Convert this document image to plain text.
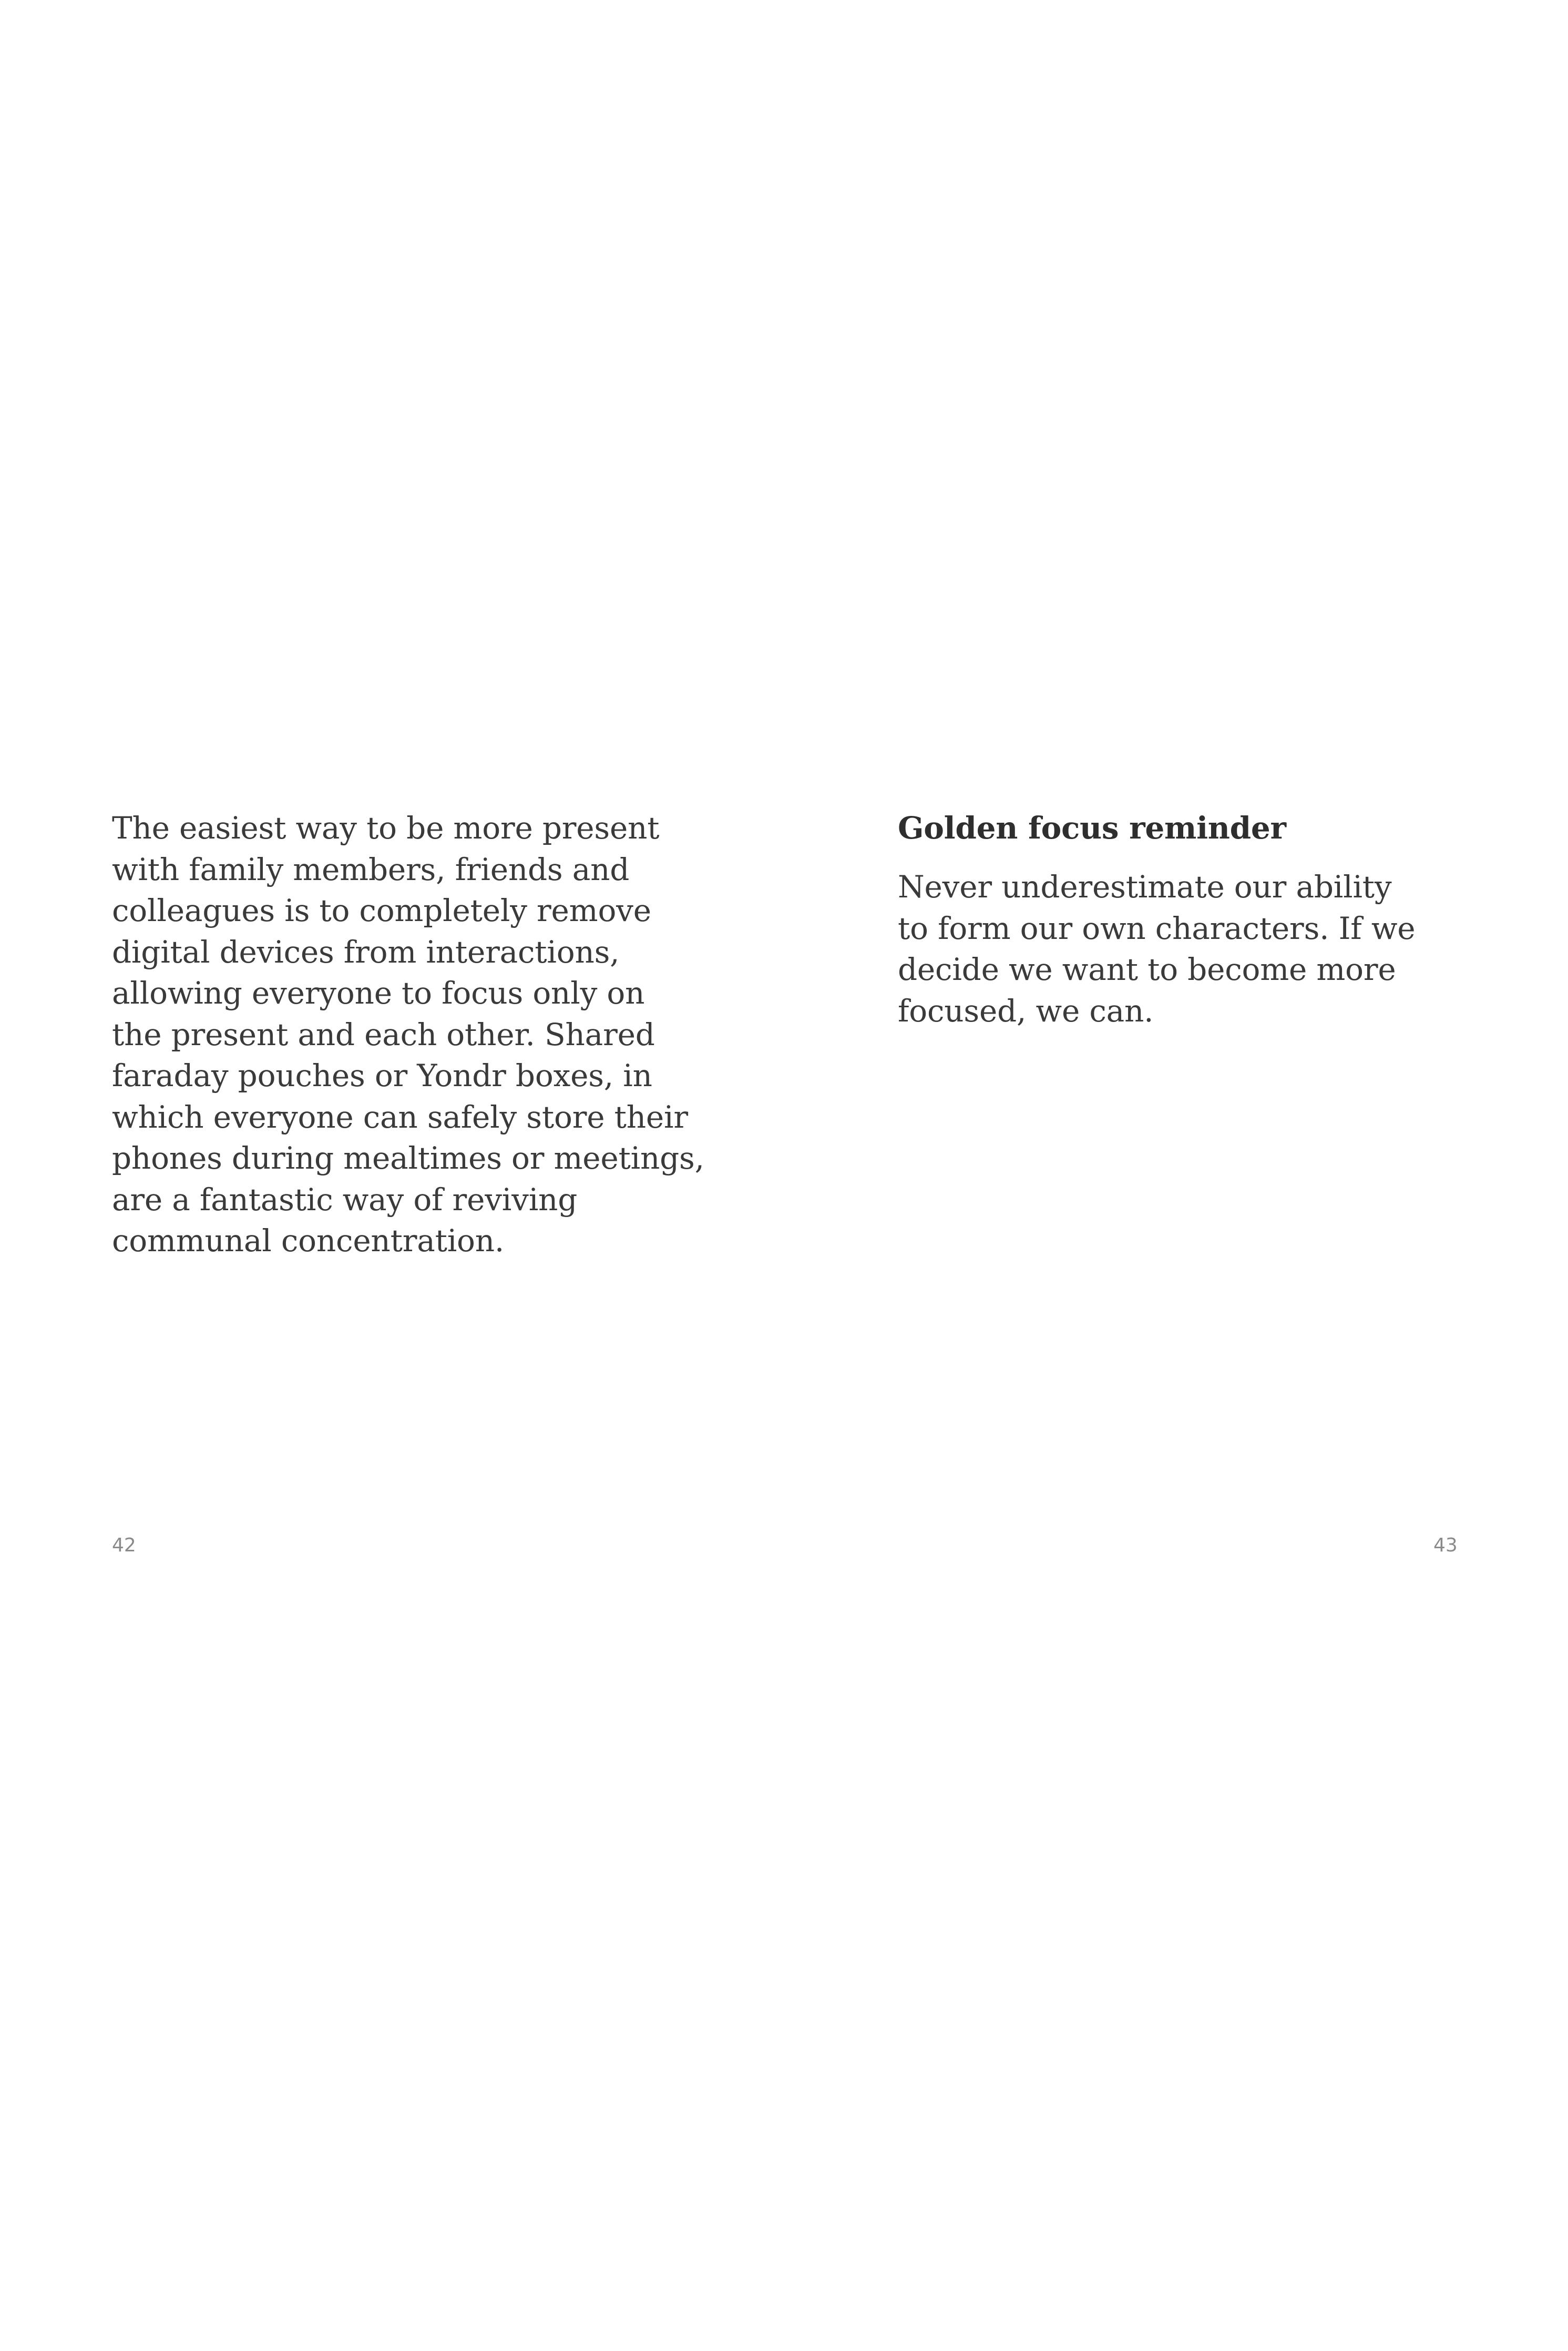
The easiest way to be more present
with family members, friends and
colleagues is to completely remove
digital devices from interactions,
allowing everyone to focus only on
the present and each other. Shared
faraday pouches or Yondr boxes, in
which everyone can safely store their
phones during mealtimes or meetings,
are a fantastic way of reviving
communal concentration.

42
Golden focus reminder

Never underestimate our ability
to form our own characters. If we
decide we want to become more
focused, we can.

43
